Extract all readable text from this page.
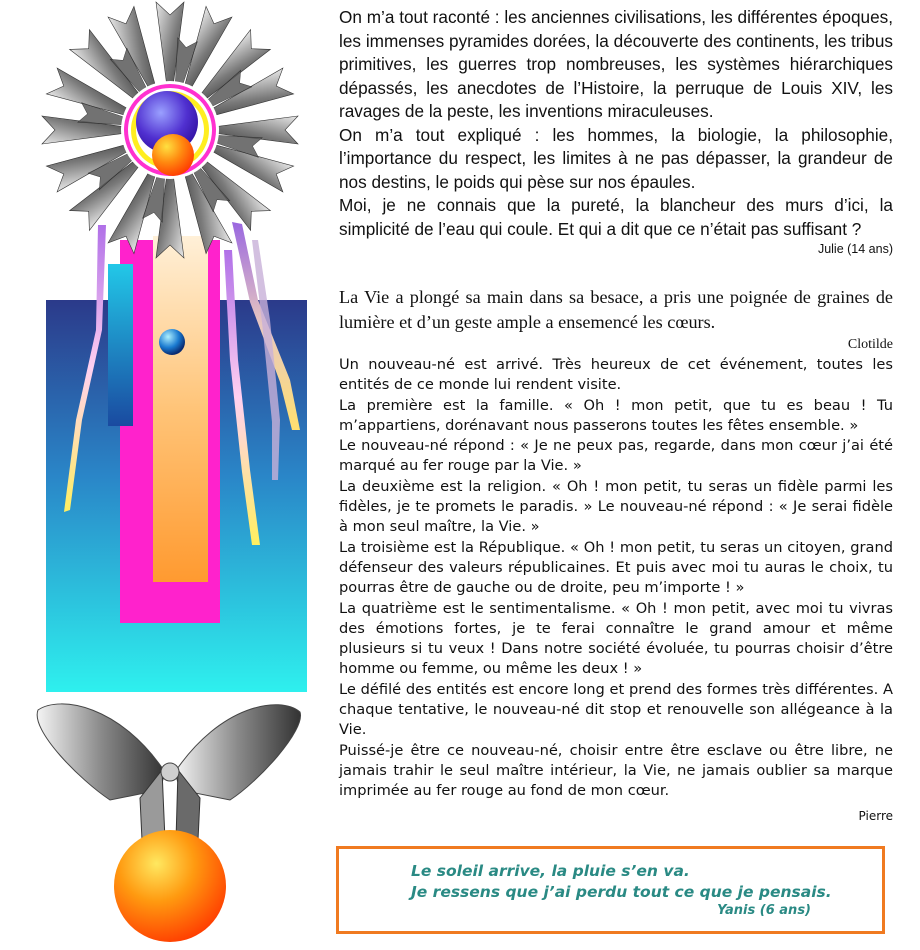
On m’a tout raconté : les anciennes civilisations, les différentes époques, les immenses pyramides dorées, la découverte des continents, les tribus primitives, les guerres trop nombreuses, les systèmes hiérarchiques dépassés, les anecdotes de l’Histoire, la perruque de Louis XIV, les ravages de la peste, les inventions miraculeuses.

On m’a tout expliqué : les hommes, la biologie, la philosophie, l’importance du respect, les limites à ne pas dépasser, la grandeur de nos destins, le poids qui pèse sur nos épaules.

Moi, je ne connais que la pureté, la blancheur des murs d’ici, la simplicité de l’eau qui coule. Et qui a dit que ce n’était pas suffisant ?

Julie (14 ans)

La Vie a plongé sa main dans sa besace, a pris une poignée de graines de lumière et d’un geste ample a ensemencé les cœurs.

Clotilde

Un nouveau-né est arrivé. Très heureux de cet événement, toutes les entités de ce monde lui rendent visite.

La première est la famille. « Oh ! mon petit, que tu es beau ! Tu m’appartiens, dorénavant nous passerons toutes les fêtes ensemble. »

Le nouveau-né répond : « Je ne peux pas, regarde, dans mon cœur j’ai été marqué au fer rouge par la Vie. »

La deuxième est la religion. « Oh ! mon petit, tu seras un fidèle parmi les fidèles, je te promets le paradis. » Le nouveau-né répond : « Je serai fidèle à mon seul maître, la Vie. »

La troisième est la République. « Oh ! mon petit, tu seras un citoyen, grand défenseur des valeurs républicaines. Et puis avec moi tu auras le choix, tu pourras être de gauche ou de droite, peu m’importe ! »

La quatrième est le sentimentalisme. « Oh ! mon petit, avec moi tu vivras des émotions fortes, je te ferai connaître le grand amour et même plusieurs si tu veux ! Dans notre société évoluée, tu pourras choisir d’être homme ou femme, ou même les deux ! »

Le défilé des entités est encore long et prend des formes très différentes. A chaque tentative, le nouveau-né dit stop et renouvelle son allégeance à la Vie.

Puissé-je être ce nouveau-né, choisir entre être esclave ou être libre, ne jamais trahir le seul maître intérieur, la Vie, ne jamais oublier sa marque imprimée au fer rouge au fond de mon cœur.

Pierre
Le soleil arrive, la pluie s’en va.
Je ressens que j’ai perdu tout ce que je pensais.
Yanis (6 ans)
